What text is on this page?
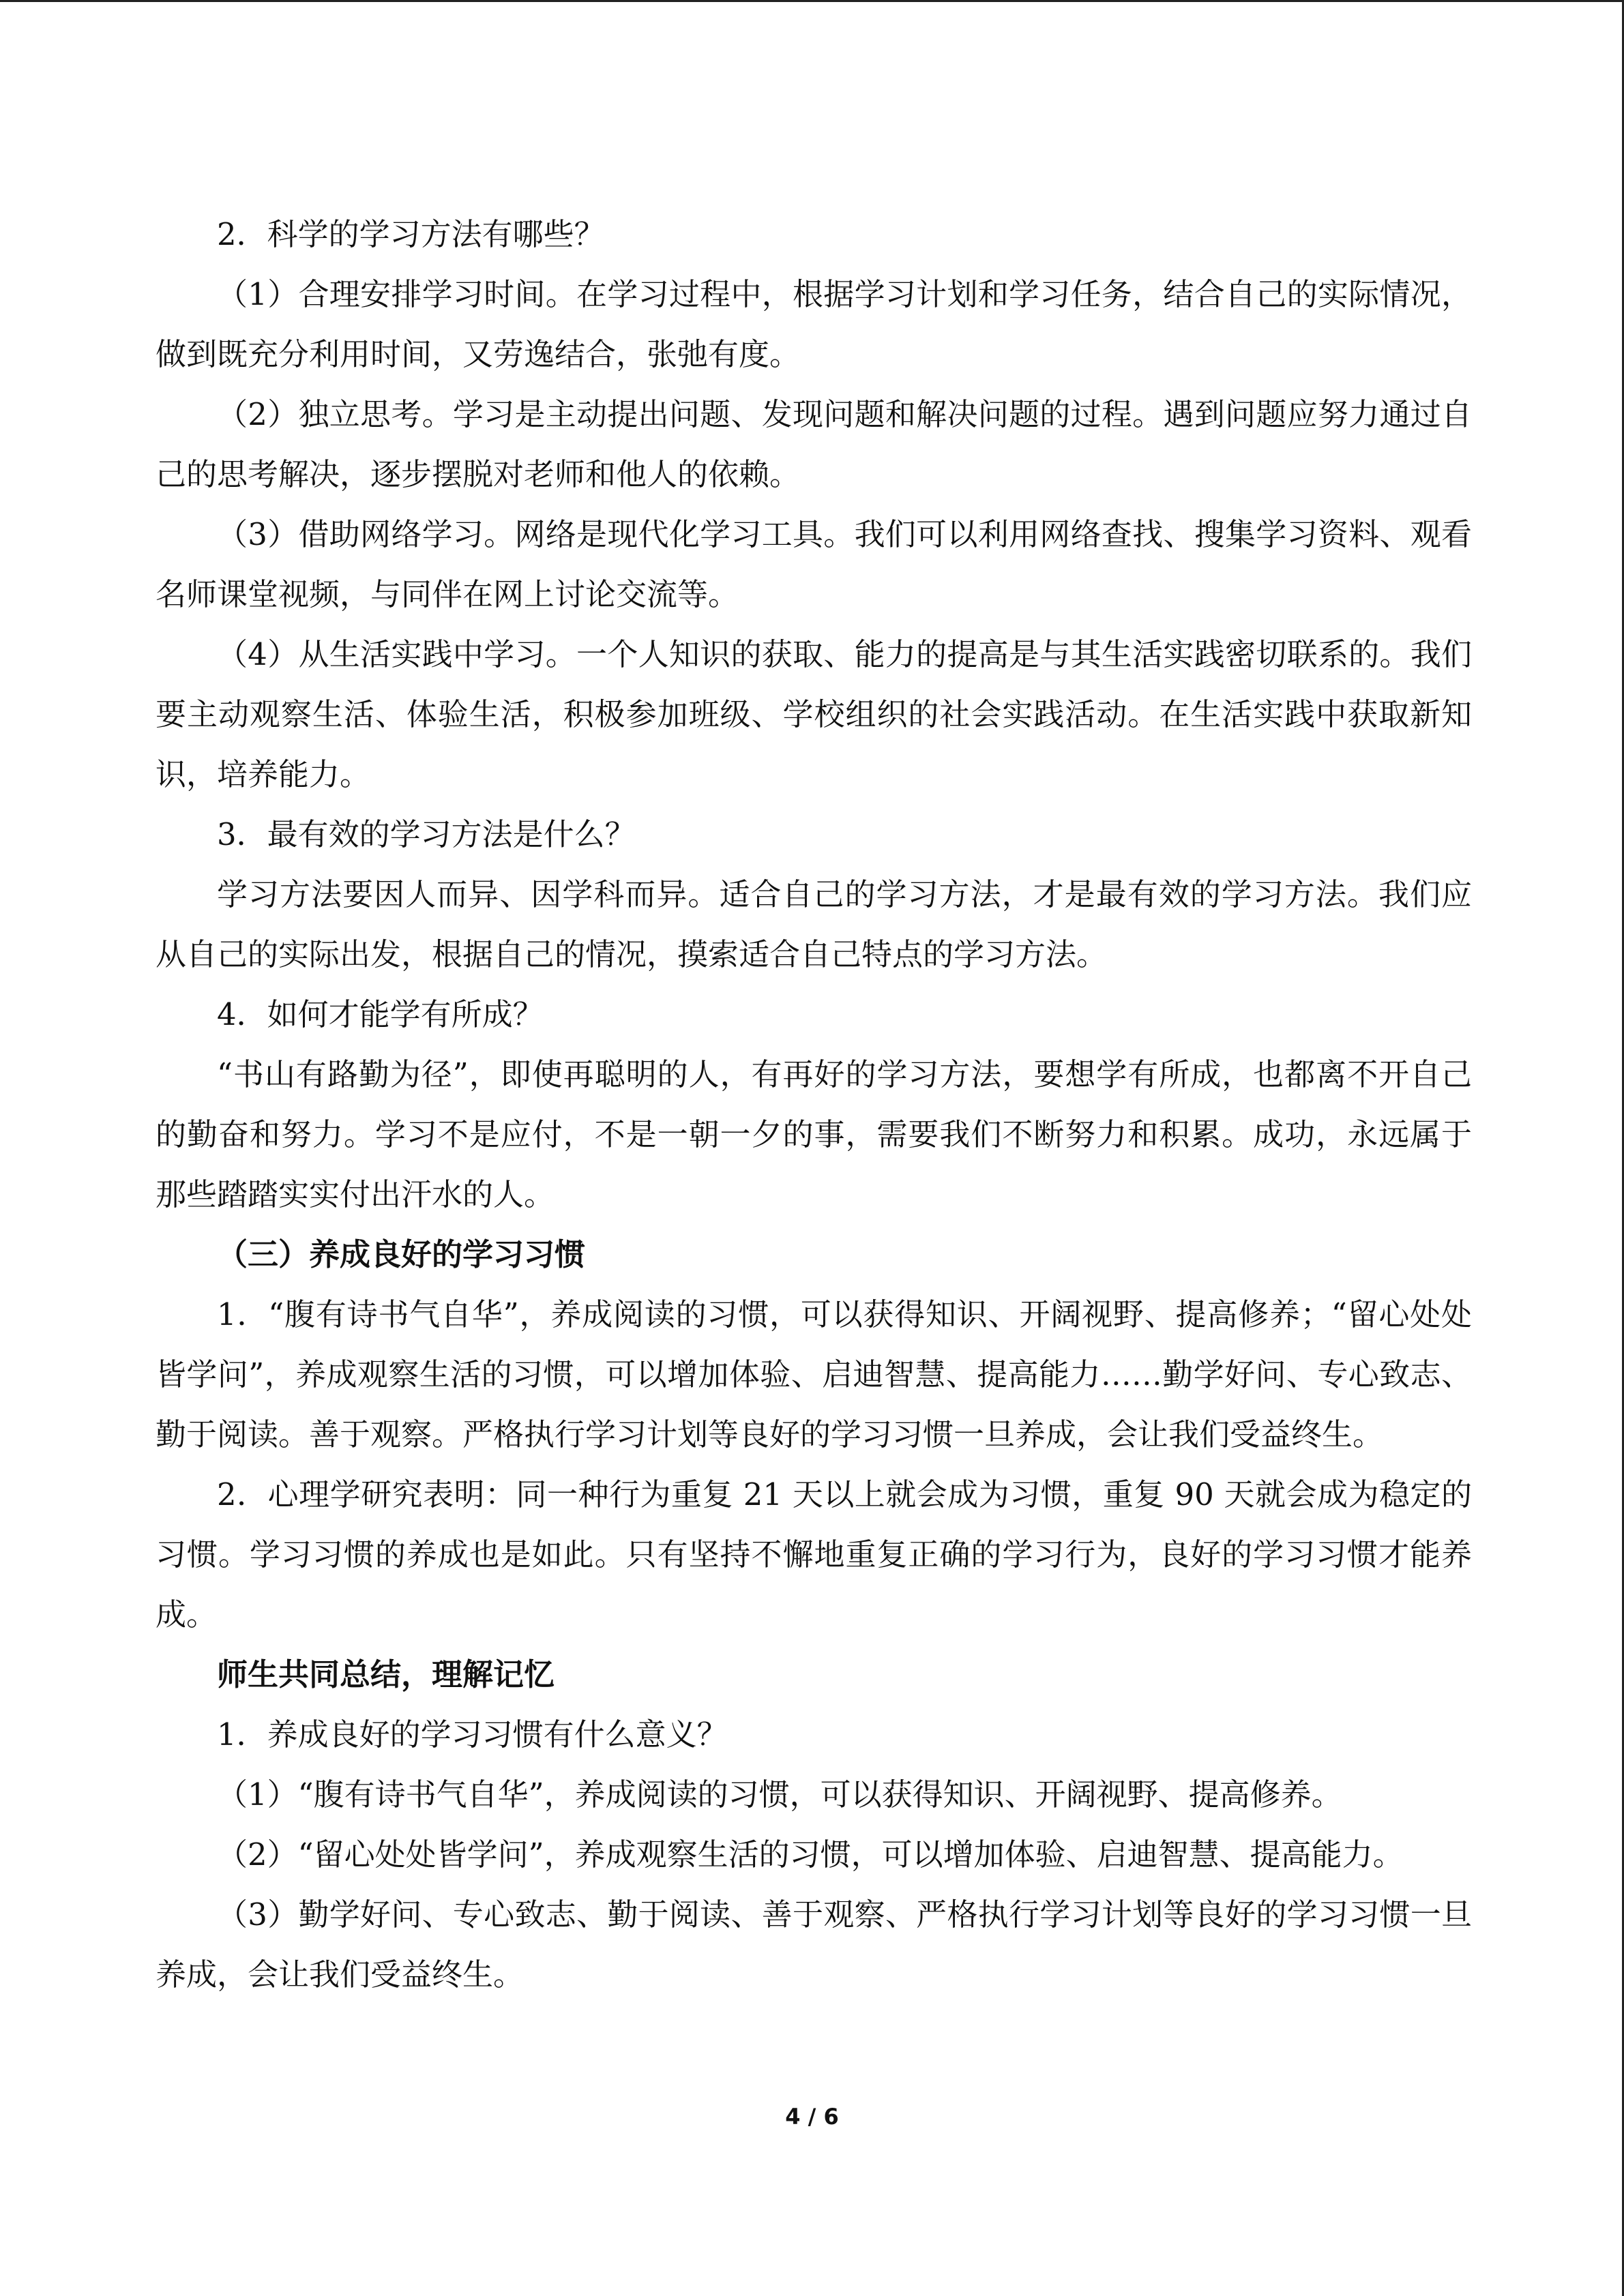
2．科学的学习方法有哪些？

（1）合理安排学习时间。在学习过程中，根据学习计划和学习任务，结合自己的实际情况，做到既充分利用时间，又劳逸结合，张弛有度。

（2）独立思考。学习是主动提出问题、发现问题和解决问题的过程。遇到问题应努力通过自己的思考解决，逐步摆脱对老师和他人的依赖。

（3）借助网络学习。网络是现代化学习工具。我们可以利用网络查找、搜集学习资料、观看名师课堂视频，与同伴在网上讨论交流等。

（4）从生活实践中学习。一个人知识的获取、能力的提高是与其生活实践密切联系的。我们要主动观察生活、体验生活，积极参加班级、学校组织的社会实践活动。在生活实践中获取新知识，培养能力。

3．最有效的学习方法是什么？

学习方法要因人而异、因学科而异。适合自己的学习方法，才是最有效的学习方法。我们应从自己的实际出发，根据自己的情况，摸索适合自己特点的学习方法。

4．如何才能学有所成？

“书山有路勤为径”，即使再聪明的人，有再好的学习方法，要想学有所成，也都离不开自己的勤奋和努力。学习不是应付，不是一朝一夕的事，需要我们不断努力和积累。成功，永远属于那些踏踏实实付出汗水的人。

（三）养成良好的学习习惯

1．“腹有诗书气自华”，养成阅读的习惯，可以获得知识、开阔视野、提高修养；“留心处处皆学问”，养成观察生活的习惯，可以增加体验、启迪智慧、提高能力……勤学好问、专心致志、勤于阅读。善于观察。严格执行学习计划等良好的学习习惯一旦养成，会让我们受益终生。

2．心理学研究表明：同一种行为重复 21 天以上就会成为习惯，重复 90 天就会成为稳定的习惯。学习习惯的养成也是如此。只有坚持不懈地重复正确的学习行为，良好的学习习惯才能养成。

师生共同总结，理解记忆

1．养成良好的学习习惯有什么意义？

（1）“腹有诗书气自华”，养成阅读的习惯，可以获得知识、开阔视野、提高修养。

（2）“留心处处皆学问”，养成观察生活的习惯，可以增加体验、启迪智慧、提高能力。

（3）勤学好问、专心致志、勤于阅读、善于观察、严格执行学习计划等良好的学习习惯一旦养成，会让我们受益终生。

4 / 6
